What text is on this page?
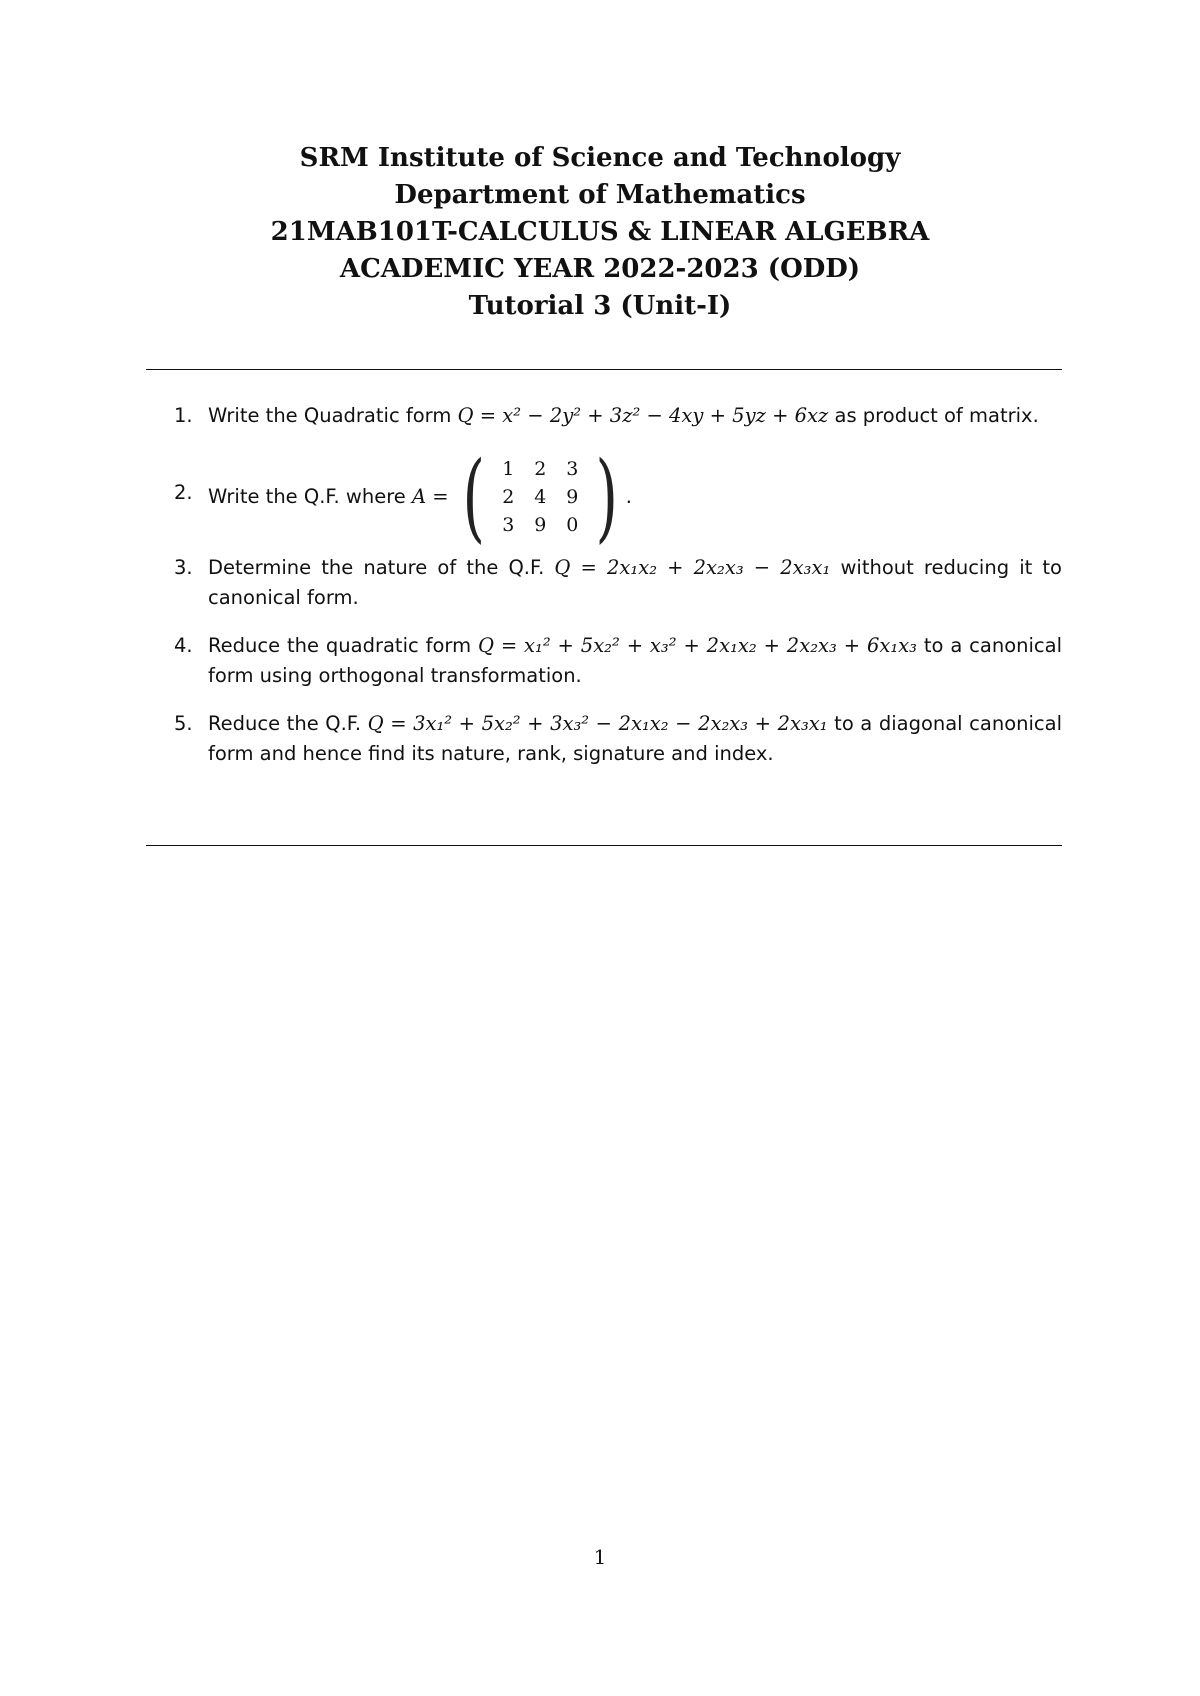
SRM Institute of Science and Technology
Department of Mathematics
21MAB101T-CALCULUS & LINEAR ALGEBRA
ACADEMIC YEAR 2022-2023 (ODD)
Tutorial 3 (Unit-I)
1. Write the Quadratic form Q = x² − 2y² + 3z² − 4xy + 5yz + 6xz as product of matrix.
2. Write the Q.F. where
A =
( 1	2	3
2	4	9
3	9	0 ) .
3. Determine the nature of the Q.F. Q = 2x₁x₂ + 2x₂x₃ − 2x₃x₁ without reducing it to canonical form.
4. Reduce the quadratic form Q = x₁² + 5x₂² + x₃² + 2x₁x₂ + 2x₂x₃ + 6x₁x₃ to a canonical form using orthogonal transformation.
5. Reduce the Q.F. Q = 3x₁² + 5x₂² + 3x₃² − 2x₁x₂ − 2x₂x₃ + 2x₃x₁ to a diagonal canonical form and hence find its nature, rank, signature and index.
1
